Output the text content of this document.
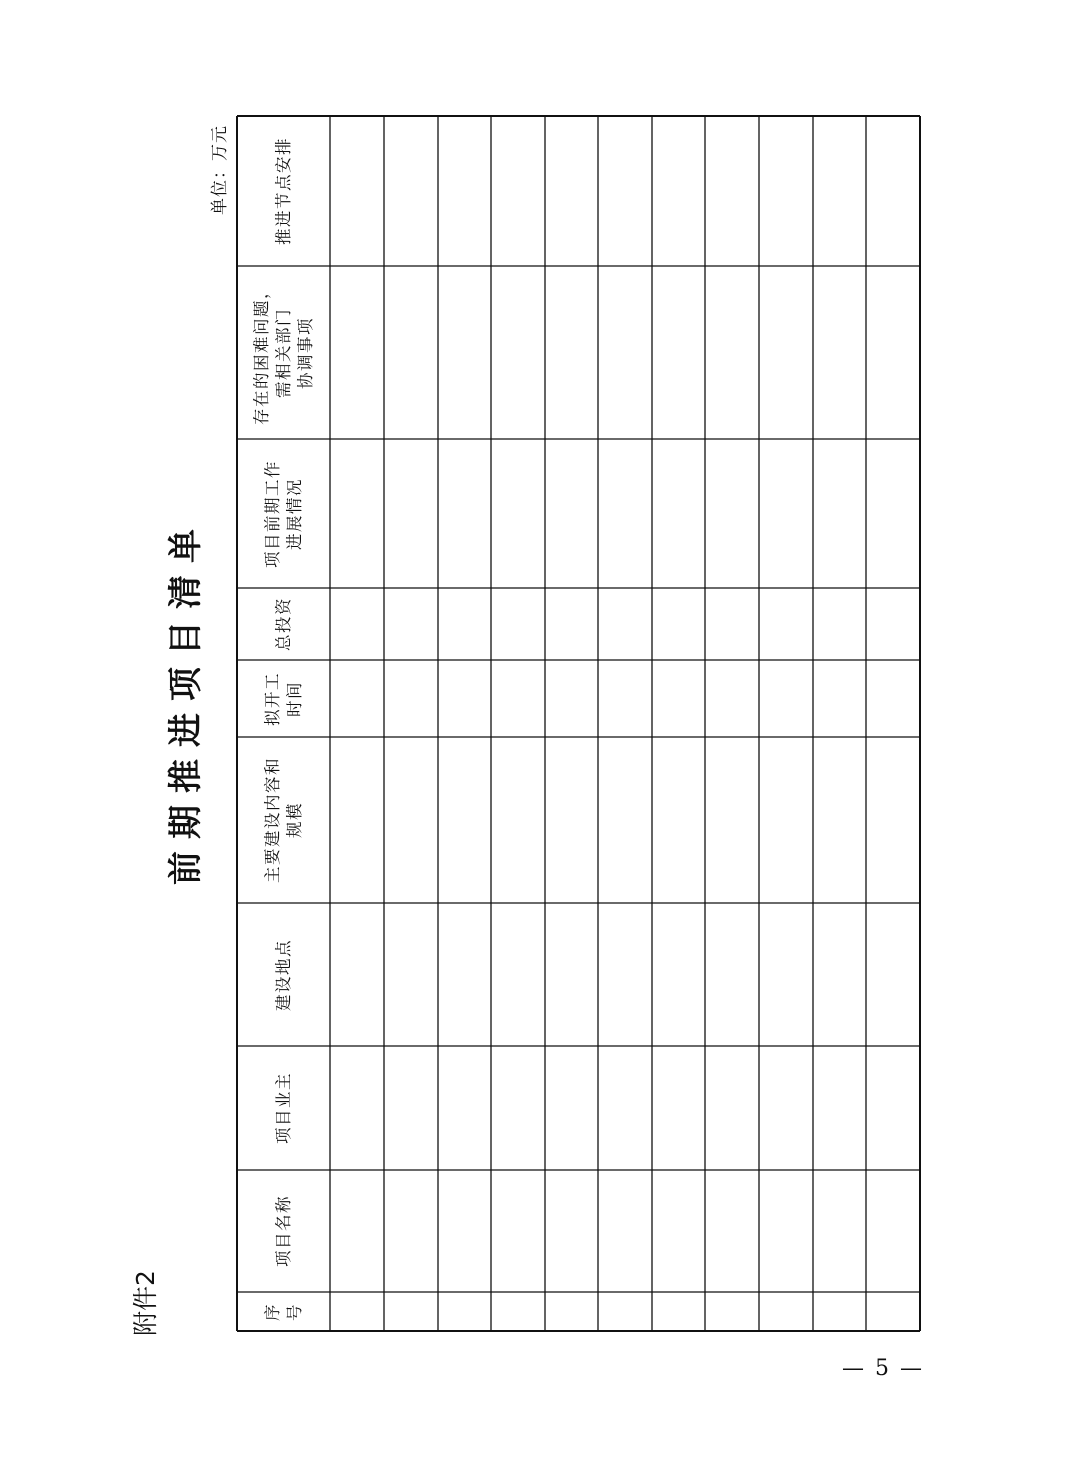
附件2
前期推进项目清单
单位：万元
序 号
项目名称
项目业主
建设地点
主要建设内容和 规模
拟开工 时间
总投资
项目前期工作 进展情况
存在的困难问题， 需相关部门 协调事项
推进节点安排
— 5 —
